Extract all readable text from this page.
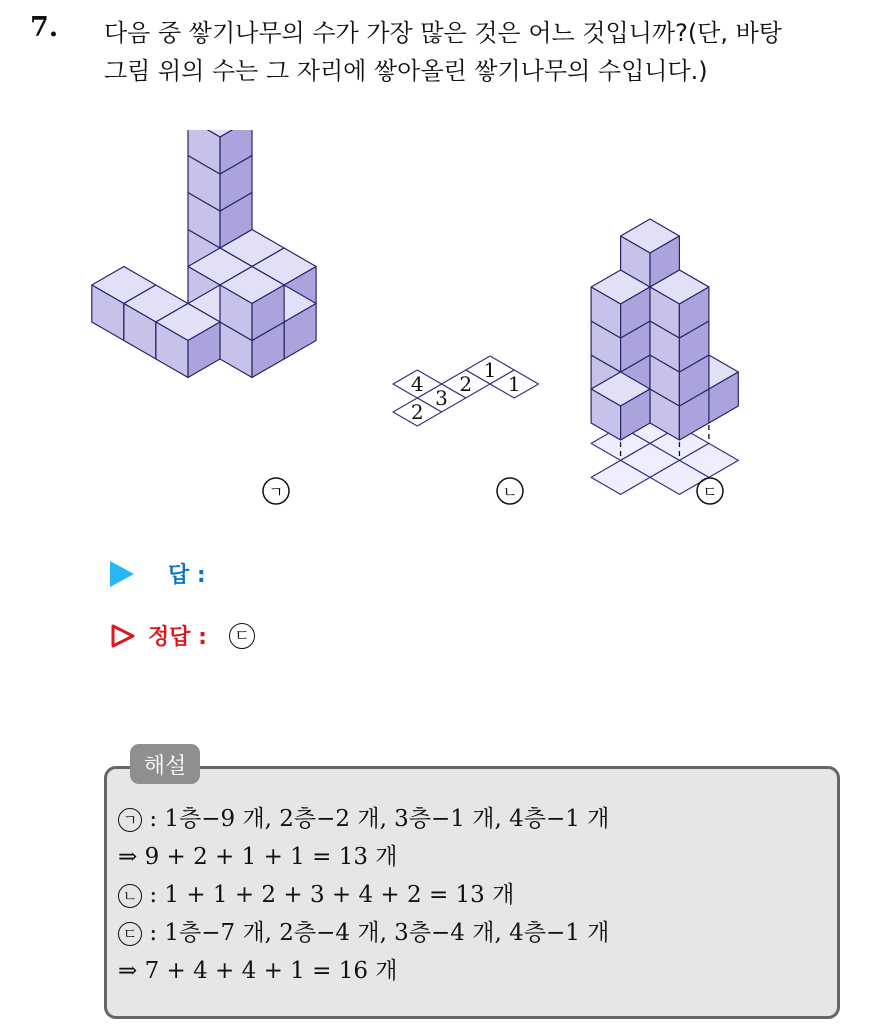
7. 다음 중 쌓기나무의 수가 가장 많은 것은 어느 것입니까?(단, 바탕
그림 위의 수는 그 자리에 쌓아올린 쌓기나무의 수입니다.)
1
1
2
3
4
2
ㄱ	ㄴ	ㄷ
답 :
정답 :	ㄷ
해설
ㄱ : 1층−9 개, 2층−2 개, 3층−1 개, 4층−1 개
⇒ 9 + 2 + 1 + 1 = 13 개
ㄴ : 1 + 1 + 2 + 3 + 4 + 2 = 13 개
ㄷ : 1층−7 개, 2층−4 개, 3층−4 개, 4층−1 개
⇒ 7 + 4 + 4 + 1 = 16 개
